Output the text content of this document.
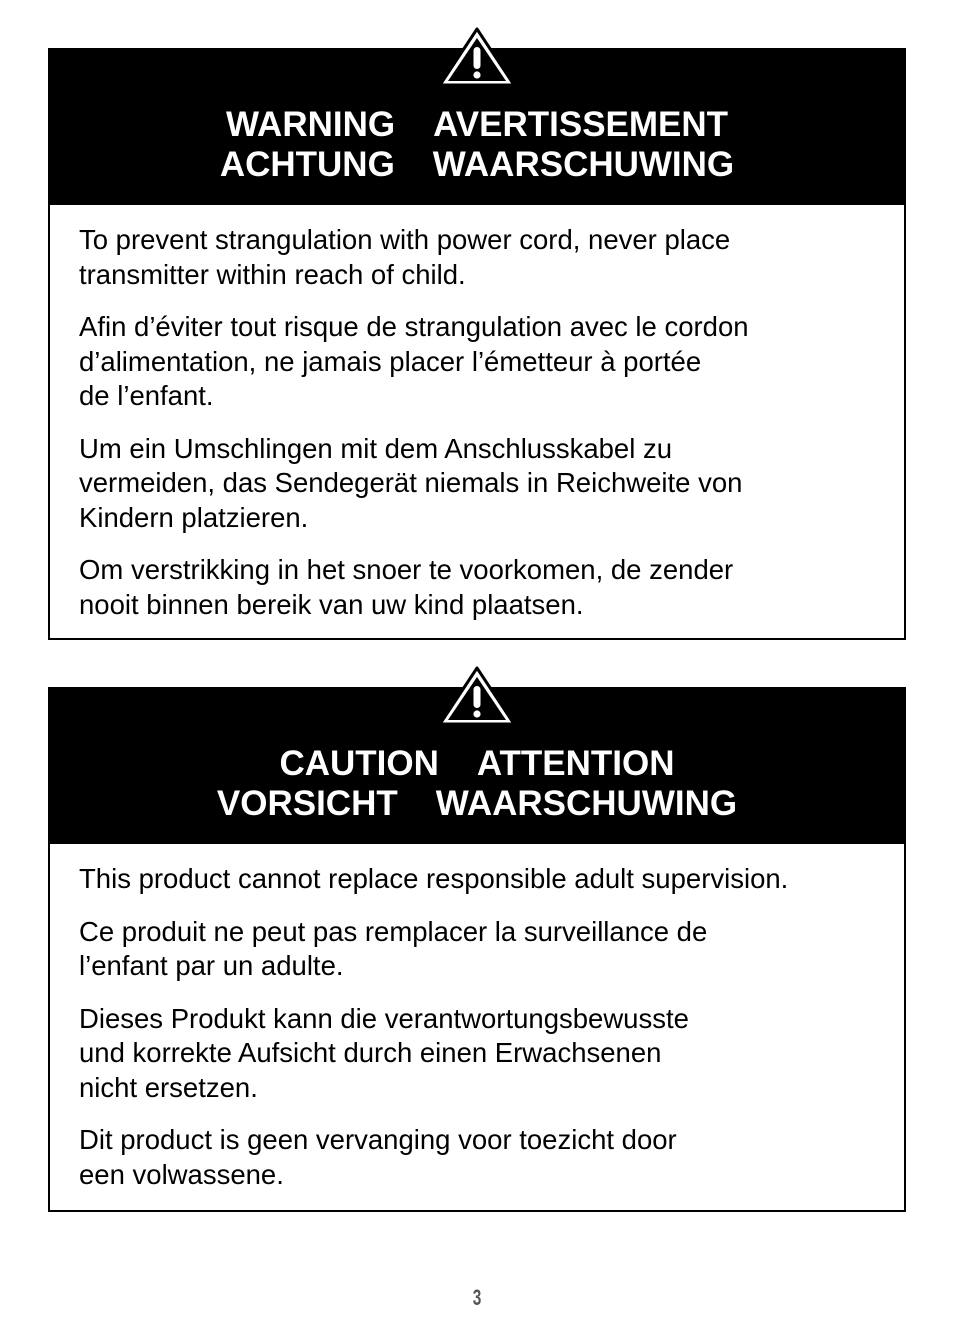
WARNING AVERTISSEMENT
ACHTUNG WAARSCHUWING

To prevent strangulation with power cord, never place
transmitter within reach of child.

Afin d’éviter tout risque de strangulation avec le cordon
d’alimentation, ne jamais placer l’émetteur à portée
de l’enfant.

Um ein Umschlingen mit dem Anschlusskabel zu
vermeiden, das Sendegerät niemals in Reichweite von
Kindern platzieren.

Om verstrikking in het snoer te voorkomen, de zender
nooit binnen bereik van uw kind plaatsen.

CAUTION ATTENTION
VORSICHT WAARSCHUWING

This product cannot replace responsible adult supervision.

Ce produit ne peut pas remplacer la surveillance de
l’enfant par un adulte.

Dieses Produkt kann die verantwortungsbewusste
und korrekte Aufsicht durch einen Erwachsenen
nicht ersetzen.

Dit product is geen vervanging voor toezicht door
een volwassene.

3
